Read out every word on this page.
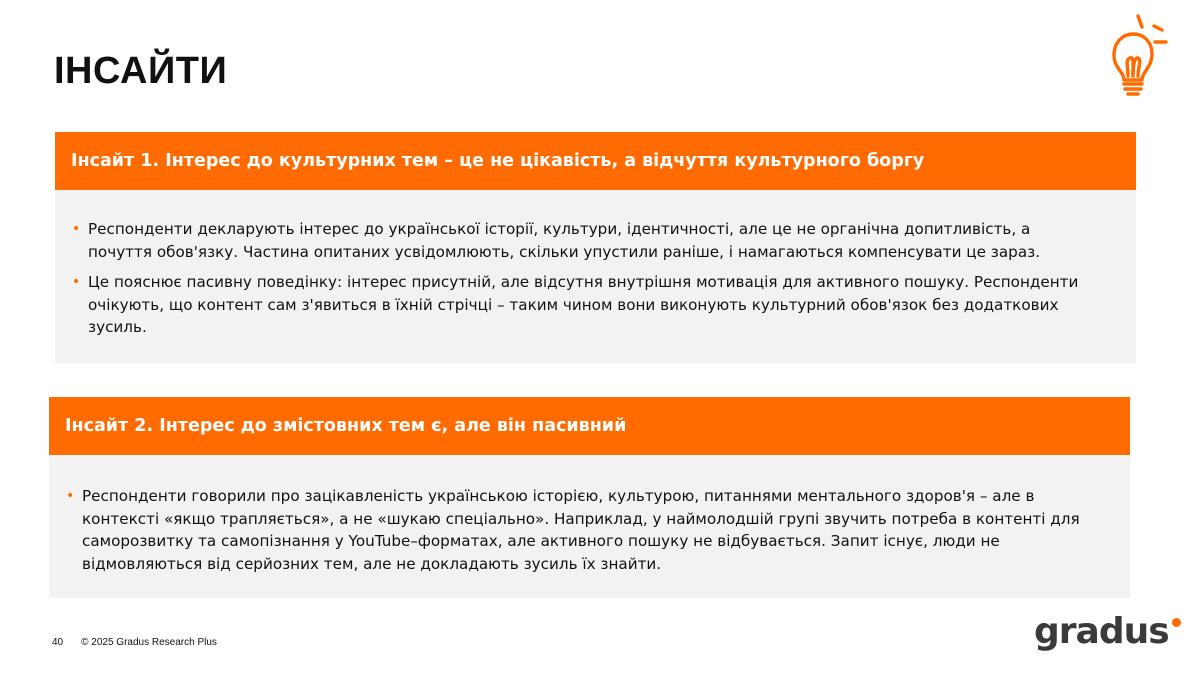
ІНСАЙТИ
Інсайт 1. Інтерес до культурних тем – це не цікавість, а відчуття культурного боргу
• Респонденти декларують інтерес до української історії, культури, ідентичності, але це не органічна допитливість, а почуття обов'язку. Частина опитаних усвідомлюють, скільки упустили раніше, і намагаються компенсувати це зараз.
• Це пояснює пасивну поведінку: інтерес присутній, але відсутня внутрішня мотивація для активного пошуку. Респонденти очікують, що контент сам з'явиться в їхній стрічці – таким чином вони виконують культурний обов'язок без додаткових зусиль.
Інсайт 2. Інтерес до змістовних тем є, але він пасивний
• Респонденти говорили про зацікавленість українською історією, культурою, питаннями ментального здоров'я – але в контексті «якщо трапляється», а не «шукаю спеціально». Наприклад, у наймолодшій групі звучить потреба в контенті для саморозвитку та самопізнання у YouTube–форматах, але активного пошуку не відбувається. Запит існує, люди не відмовляються від серйозних тем, але не докладають зусиль їх знайти.
40 © 2025 Gradus Research Plus	gradus
